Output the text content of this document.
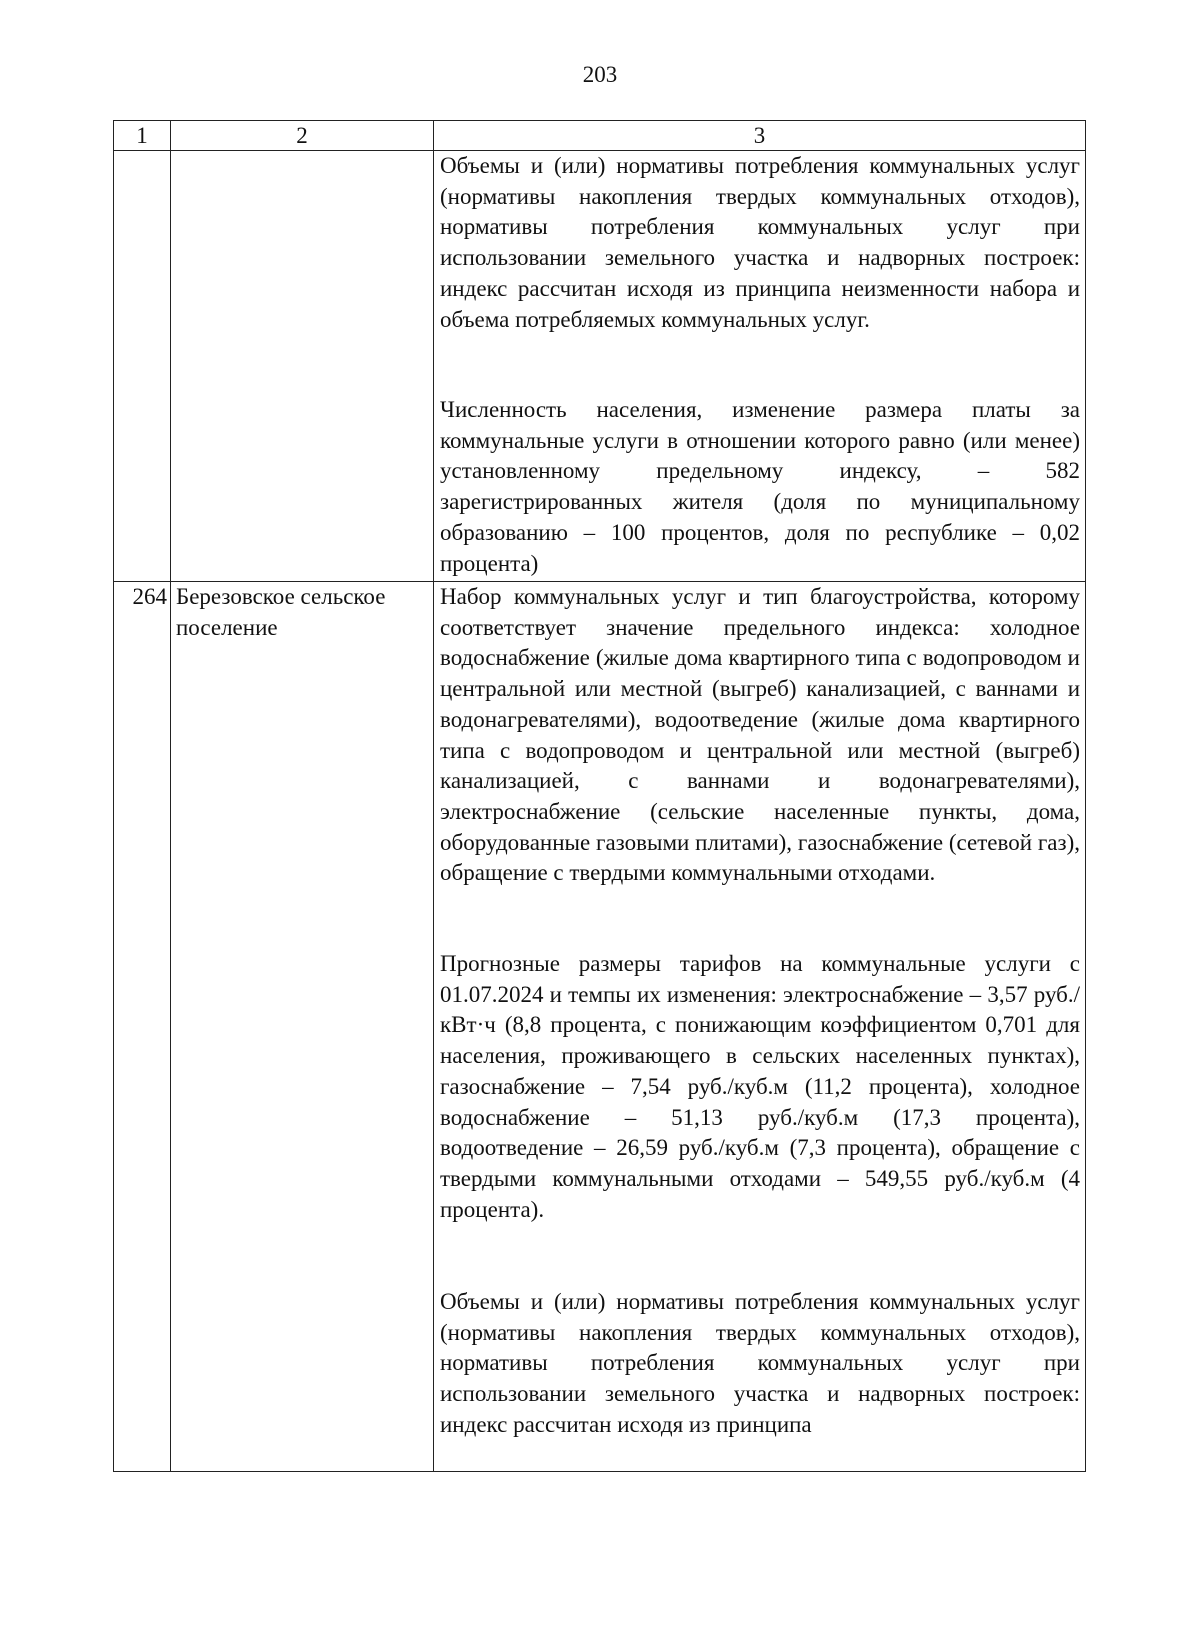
203
1	2	3

		Объемы и (или) нормативы потребления коммунальных услуг (нормативы накопления твердых коммунальных отходов), нормативы потребления коммунальных услуг при использовании земельного участка и надворных построек: индекс рассчитан исходя из принципа неизменности набора и объема потребляемых коммунальных услуг.

Численность населения, изменение размера платы за коммунальные услуги в отношении которого равно (или менее) установленному предельному индексу, – 582 зарегистрированных жителя (доля по муниципальному образованию – 100 процентов, доля по республике – 0,02 процента)

264	Березовское сельское поселение	Набор коммунальных услуг и тип благоустройства, которому соответствует значение предельного индекса: холодное водоснабжение (жилые дома квартирного типа с водопроводом и центральной или местной (выгреб) канализацией, с ваннами и водонагревателями), водоотведение (жилые дома квартирного типа с водопроводом и центральной или местной (выгреб) канализацией, с ваннами и водонагревателями), электроснабжение (сельские населенные пункты, дома, оборудованные газовыми плитами), газоснабжение (сетевой газ), обращение с твердыми коммунальными отходами.

Прогнозные размеры тарифов на коммунальные услуги с 01.07.2024 и темпы их изменения: электроснабжение – 3,57 руб./кВт·ч (8,8 процента, с понижающим коэффициентом 0,701 для населения, проживающего в сельских населенных пунктах), газоснабжение – 7,54 руб./куб.м (11,2 процента), холодное водоснабжение – 51,13 руб./куб.м (17,3 процента), водоотведение – 26,59 руб./куб.м (7,3 процента), обращение с твердыми коммунальными отходами – 549,55 руб./куб.м (4 процента).

Объемы и (или) нормативы потребления коммунальных услуг (нормативы накопления твердых коммунальных отходов), нормативы потребления коммунальных услуг при использовании земельного участка и надворных построек: индекс рассчитан исходя из принципа
